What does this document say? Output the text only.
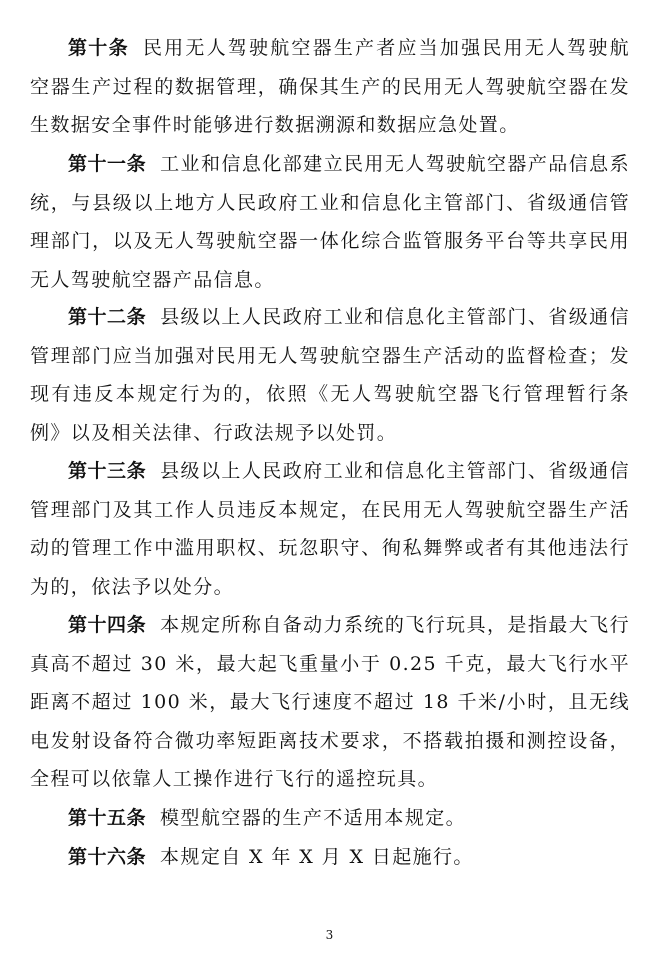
第十条 民用无人驾驶航空器生产者应当加强民用无人驾驶航空器生产过程的数据管理，确保其生产的民用无人驾驶航空器在发生数据安全事件时能够进行数据溯源和数据应急处置。
第十一条 工业和信息化部建立民用无人驾驶航空器产品信息系统，与县级以上地方人民政府工业和信息化主管部门、省级通信管理部门，以及无人驾驶航空器一体化综合监管服务平台等共享民用无人驾驶航空器产品信息。
第十二条 县级以上人民政府工业和信息化主管部门、省级通信管理部门应当加强对民用无人驾驶航空器生产活动的监督检查；发现有违反本规定行为的，依照《无人驾驶航空器飞行管理暂行条例》以及相关法律、行政法规予以处罚。
第十三条 县级以上人民政府工业和信息化主管部门、省级通信管理部门及其工作人员违反本规定，在民用无人驾驶航空器生产活动的管理工作中滥用职权、玩忽职守、徇私舞弊或者有其他违法行为的，依法予以处分。
第十四条 本规定所称自备动力系统的飞行玩具，是指最大飞行真高不超过 30 米，最大起飞重量小于 0.25 千克，最大飞行水平距离不超过 100 米，最大飞行速度不超过 18 千米/小时，且无线电发射设备符合微功率短距离技术要求，不搭载拍摄和测控设备，全程可以依靠人工操作进行飞行的遥控玩具。
第十五条 模型航空器的生产不适用本规定。
第十六条 本规定自 X 年 X 月 X 日起施行。
3
